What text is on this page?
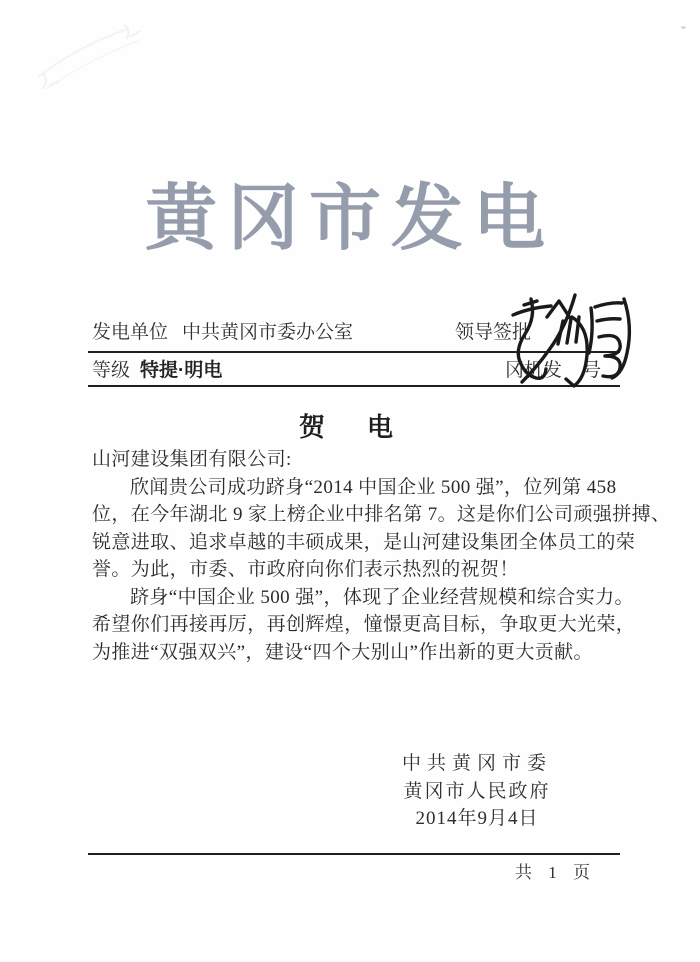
黄冈市发电
发电单位 中共黄冈市委办公室	领导签批
等级 特提·明电	冈机发 号
贺　电
山河建设集团有限公司:
欣闻贵公司成功跻身“2014 中国企业 500 强”，位列第 458
位，在今年湖北 9 家上榜企业中排名第 7。这是你们公司顽强拼搏、
锐意进取、追求卓越的丰硕成果，是山河建设集团全体员工的荣
誉。为此，市委、市政府向你们表示热烈的祝贺！
跻身“中国企业 500 强”，体现了企业经营规模和综合实力。
希望你们再接再厉，再创辉煌，憧憬更高目标，争取更大光荣，
为推进“双强双兴”，建设“四个大别山”作出新的更大贡献。
中共黄冈市委
黄冈市人民政府
2014年9月4日
共 1 页
